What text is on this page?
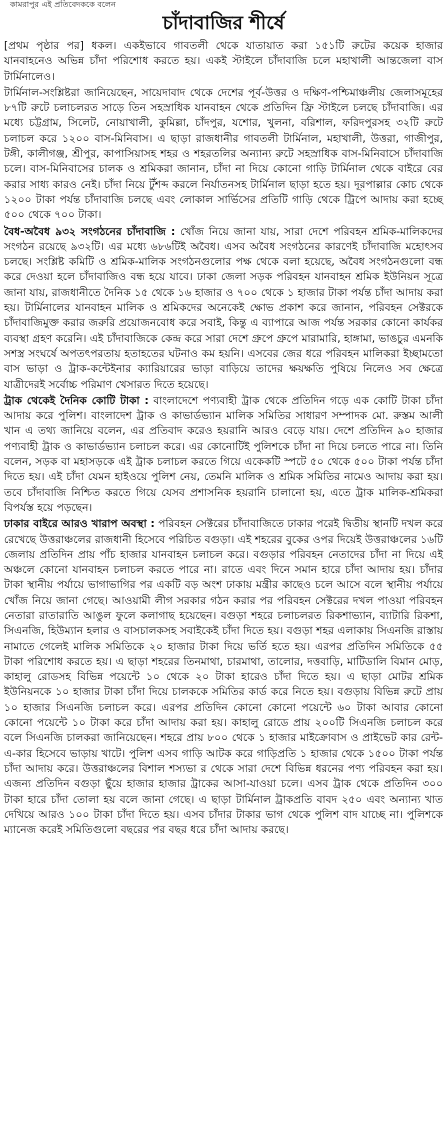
কামরাপুর এই প্রতিবেদককে বলেন
চাঁদাবাজির শীর্ষে

[প্রথম পৃষ্ঠার পর] ধকল। একইভাবে গাবতলী থেকে যাতায়াত করা ১৫১টি রুটের কয়েক হাজার যানবাহনেও অভিন্ন চাঁদা পরিশোধ করতে হয়। একই স্টাইলে চাঁদাবাজি চলে মহাখালী আন্তজেলা বাস টার্মিনালেও।

টার্মিনাল-সংশ্লিষ্টরা জানিয়েছেন, সায়েদাবাদ থেকে দেশের পূর্ব-উত্তর ও দক্ষিণ-পশ্চিমাঞ্চলীয় জেলাসমূহের ৮৭টি রুটে চলাচলরত সাড়ে তিন সহস্রাধিক যানবাহন থেকে প্রতিদিন ফ্রি স্টাইলে চলছে চাঁদাবাজি। এর মধ্যে চট্টগ্রাম, সিলেট, নোয়াখালী, কুমিল্লা, চাঁদপুর, যশোর, খুলনা, বরিশাল, ফরিদপুরসহ ৩২টি রুটে চলাচল করে ১২০০ বাস-মিনিবাস। এ ছাড়া রাজধানীর গাবতলী টার্মিনাল, মহাখালী, উত্তরা, গাজীপুর, টঙ্গী, কালীগঞ্জ, শ্রীপুর, কাপাসিয়াসহ শহর ও শহরতলির অন্যান্য রুটে সহস্রাধিক বাস-মিনিবাসে চাঁদাবাজি চলে। বাস-মিনিবাসের চালক ও শ্রমিকরা জানান, চাঁদা না দিয়ে কোনো গাড়ি টার্মিনাল থেকে বাইরে বের করার সাধ্য কারও নেই। চাঁদা নিয়ে টুঁশব্দ করলে নির্যাতনসহ টার্মিনাল ছাড়া হতে হয়। দূরপাল্লার কোচ থেকে ১২০০ টাকা পর্যন্ত চাঁদাবাজি চলছে এবং লোকাল সার্ভিসের প্রতিটি গাড়ি থেকে ট্রিপে আদায় করা হচ্ছে ৫০০ থেকে ৭০০ টাকা।

বৈধ-অবৈধ ৯৩২ সংগঠনের চাঁদাবাজি : খোঁজ নিয়ে জানা যায়, সারা দেশে পরিবহন শ্রমিক-মালিকদের সংগঠন রয়েছে ৯৩২টি। এর মধ্যে ৬৮৬টিই অবৈধ। এসব অবৈধ সংগঠনের কারণেই চাঁদাবাজি মহোৎসব চলছে। সংশ্লিষ্ট কমিটি ও শ্রমিক-মালিক সংগঠনগুলোর পক্ষ থেকে বলা হয়েছে, অবৈধ সংগঠনগুলো বন্ধ করে দেওয়া হলে চাঁদাবাজিও বন্ধ হয়ে যাবে। ঢাকা জেলা সড়ক পরিবহন যানবাহন শ্রমিক ইউনিয়ন সূত্রে জানা যায়, রাজধানীতে দৈনিক ১৫ থেকে ১৬ হাজার ও ৭০০ থেকে ১ হাজার টাকা পর্যন্ত চাঁদা আদায় করা হয়। টার্মিনালের যানবাহন মালিক ও শ্রমিকদের অনেকেই ক্ষোভ প্রকাশ করে জানান, পরিবহন সেক্টরকে চাঁদাবাজিমুক্ত করার জরুরি প্রয়োজনবোধ করে সবাই, কিন্তু এ ব্যাপারে আজ পর্যন্ত সরকার কোনো কার্যকর ব্যবস্থা গ্রহণ করেনি। এই চাঁদাবাজিকে কেন্দ্র করে সারা দেশে গ্রুপে গ্রুপে মারামারি, হাঙ্গামা, ভাঙচুর এমনকি সশস্ত্র সংঘর্ষে অপতৎপরতায় হতাহতের ঘটনাও কম হয়নি। এসবের জের ধরে পরিবহন মালিকরা ইচ্ছামতো বাস ভাড়া ও ট্রাক-কন্টেইনার ক্যারিয়ারের ভাড়া বাড়িয়ে তাদের ক্ষয়ক্ষতি পুষিয়ে নিলেও সব ক্ষেত্রে যাত্রীদেরই সর্বোচ্চ পরিমাণ খেসারত দিতে হয়েছে।

ট্রাক থেকেই দৈনিক কোটি টাকা : বাংলাদেশে পণ্যবাহী ট্রাক থেকে প্রতিদিন গড়ে এক কোটি টাকা চাঁদা আদায় করে পুলিশ। বাংলাদেশ ট্রাক ও কাভার্ডভ্যান মালিক সমিতির সাধারণ সম্পাদক মো. রুস্তম আলী খান এ তথ্য জানিয়ে বলেন, এর প্রতিবাদ করেও হয়রানি আরও বেড়ে যায়। দেশে প্রতিদিন ৯০ হাজার পণ্যবাহী ট্রাক ও কাভার্ডভ্যান চলাচল করে। এর কোনোটিই পুলিশকে চাঁদা না দিয়ে চলতে পারে না। তিনি বলেন, সড়ক বা মহাসড়কে এই ট্রাক চলাচল করতে গিয়ে একেকটি স্পটে ৫০ থেকে ৫০০ টাকা পর্যন্ত চাঁদা দিতে হয়। এই চাঁদা যেমন হাইওয়ে পুলিশ নেয়, তেমনি মালিক ও শ্রমিক সমিতির নামেও আদায় করা হয়। তবে চাঁদাবাজি নিশ্চিত করতে গিয়ে যেসব প্রশাসনিক হয়রানি চালানো হয়, এতে ট্রাক মালিক-শ্রমিকরা বিপর্যস্ত হয়ে পড়ছেন।

ঢাকার বাইরে আরও খারাপ অবস্থা : পরিবহন সেক্টরের চাঁদাবাজিতে ঢাকার পরেই দ্বিতীয় স্থানটি দখল করে রেখেছে উত্তরাঞ্চলের রাজধানী হিসেবে পরিচিত বগুড়া। এই শহরের বুকের ওপর দিয়েই উত্তরাঞ্চলের ১৬টি জেলায় প্রতিদিন প্রায় পাঁচ হাজার যানবাহন চলাচল করে। বগুড়ার পরিবহন নেতাদের চাঁদা না দিয়ে এই অঞ্চলে কোনো যানবাহন চলাচল করতে পারে না। রাতে এবং দিনে সমান হারে চাঁদা আদায় হয়। চাঁদার টাকা স্থানীয় পর্যায়ে ভাগাভাগির পর একটি বড় অংশ ঢাকায় মন্ত্রীর কাছেও চলে আসে বলে স্থানীয় পর্যায়ে খোঁজ নিয়ে জানা গেছে। আওয়ামী লীগ সরকার গঠন করার পর পরিবহন সেক্টরের দখল পাওয়া পরিবহন নেতারা রাতারাতি আঙুল ফুলে কলাগাছ হয়েছেন। বগুড়া শহরে চলাচলরত রিকশাভ্যান, ব্যাটারি রিকশা, সিএনজি, হিউম্যান হলার ও বাসচালকসহ সবাইকেই চাঁদা দিতে হয়। বগুড়া শহর এলাকায় সিএনজি রাস্তায় নামাতে গেলেই মালিক সমিতিকে ২০ হাজার টাকা দিয়ে ভর্তি হতে হয়। এরপর প্রতিদিন সমিতিকে ৫৫ টাকা পরিশোধ করতে হয়। এ ছাড়া শহরের তিনমাথা, চারমাথা, তালোর, দত্তবাড়ি, মাটিডালি বিমান মোড়, কাহালু রোডসহ বিভিন্ন পয়েন্টে ১০ থেকে ২০ টাকা হারেও চাঁদা দিতে হয়। এ ছাড়া মোটর শ্রমিক ইউনিয়নকে ১০ হাজার টাকা চাঁদা দিয়ে চালককে সমিতির কার্ড করে নিতে হয়। বগুড়ায় বিভিন্ন রুটে প্রায় ১০ হাজার সিএনজি চলাচল করে। এরপর প্রতিদিন কোনো কোনো পয়েন্টে ৬০ টাকা আবার কোনো কোনো পয়েন্টে ১০ টাকা করে চাঁদা আদায় করা হয়। কাহালু রোডে প্রায় ২০০টি সিএনজি চলাচল করে বলে সিএনজি চালকরা জানিয়েছেন। শহরে প্রায় ৮০০ থেকে ১ হাজার মাইক্রোবাস ও প্রাইভেট কার রেন্ট-এ-কার হিসেবে ভাড়ায় খাটে। পুলিশ এসব গাড়ি আটক করে গাড়িপ্রতি ১ হাজার থেকে ১৫০০ টাকা পর্যন্ত চাঁদা আদায় করে। উত্তরাঞ্চলের বিশাল শস্যভা র থেকে সারা দেশে বিভিন্ন ধরনের পণ্য পরিবহন করা হয়। এজন্য প্রতিদিন বগুড়া ছুঁয়ে হাজার হাজার ট্রাকের আসা-যাওয়া চলে। এসব ট্রাক থেকে প্রতিদিন ৩০০ টাকা হারে চাঁদা তোলা হয় বলে জানা গেছে। এ ছাড়া টার্মিনাল ট্রাকপ্রতি বাবদ ২৫০ এবং অন্যান্য খাত দেখিয়ে আরও ১০০ টাকা চাঁদা দিতে হয়। এসব চাঁদার টাকার ভাগ থেকে পুলিশ বাদ যাচ্ছে না। পুলিশকে ম্যানেজ করেই সমিতিগুলো বছরের পর বছর ধরে চাঁদা আদায় করছে।
